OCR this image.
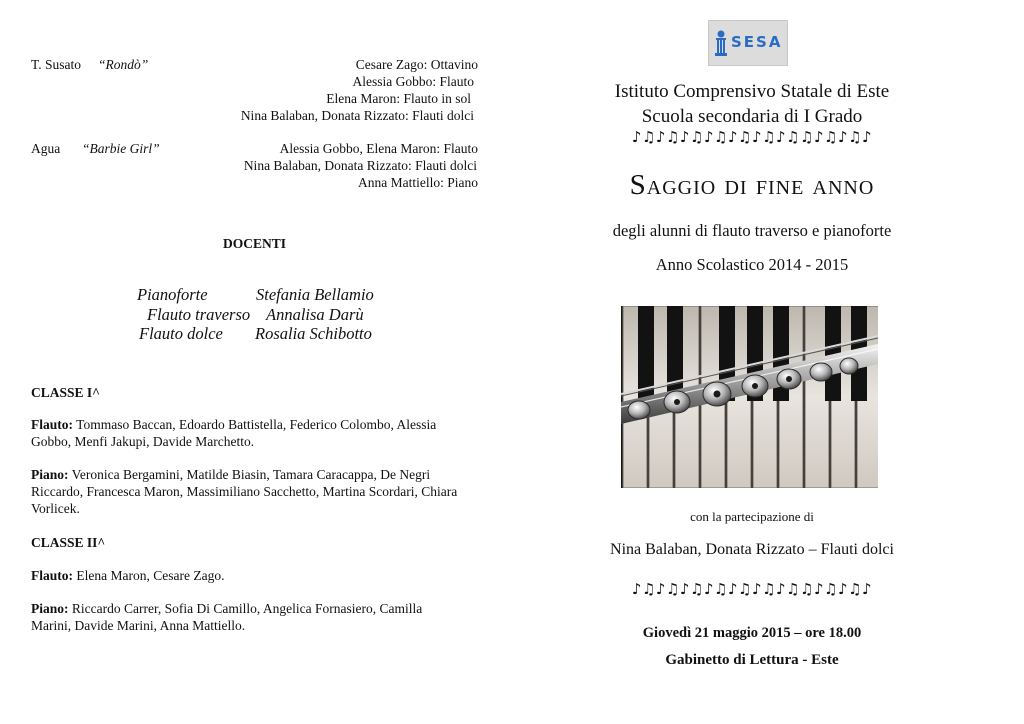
T. Susato “Rondò”	Cesare Zago: Ottavino
Alessia Gobbo: Flauto
Elena Maron: Flauto in sol
Nina Balaban, Donata Rizzato: Flauti dolci
Agua “Barbie Girl”	Alessia Gobbo, Elena Maron: Flauto
Nina Balaban, Donata Rizzato: Flauti dolci
Anna Mattiello: Piano
DOCENTI
Pianoforte	Stefania Bellamio
Flauto traverso Annalisa Darù
Flauto dolce Rosalia Schibotto
CLASSE I^
Flauto: Tommaso Baccan, Edoardo Battistella, Federico Colombo, Alessia Gobbo, Menfi Jakupi, Davide Marchetto.
Piano: Veronica Bergamini, Matilde Biasin, Tamara Caracappa, De Negri Riccardo, Francesca Maron, Massimiliano Sacchetto, Martina Scordari, Chiara Vorlicek.
CLASSE II^
Flauto: Elena Maron, Cesare Zago.
Piano: Riccardo Carrer, Sofia Di Camillo, Angelica Fornasiero, Camilla Marini, Davide Marini, Anna Mattiello.
SESA
Istituto Comprensivo Statale di Este
Scuola secondaria di I Grado
♪♫♪♫♪♫♪♫♪♫♪♫♪♫♫♪♫♪♫♪
Saggio di fine anno
degli alunni di flauto traverso e pianoforte
Anno Scolastico 2014 - 2015
con la partecipazione di
Nina Balaban, Donata Rizzato – Flauti dolci
♪♫♪♫♪♫♪♫♪♫♪♫♪♫♫♪♫♪♫♪
Giovedì 21 maggio 2015 – ore 18.00
Gabinetto di Lettura - Este
